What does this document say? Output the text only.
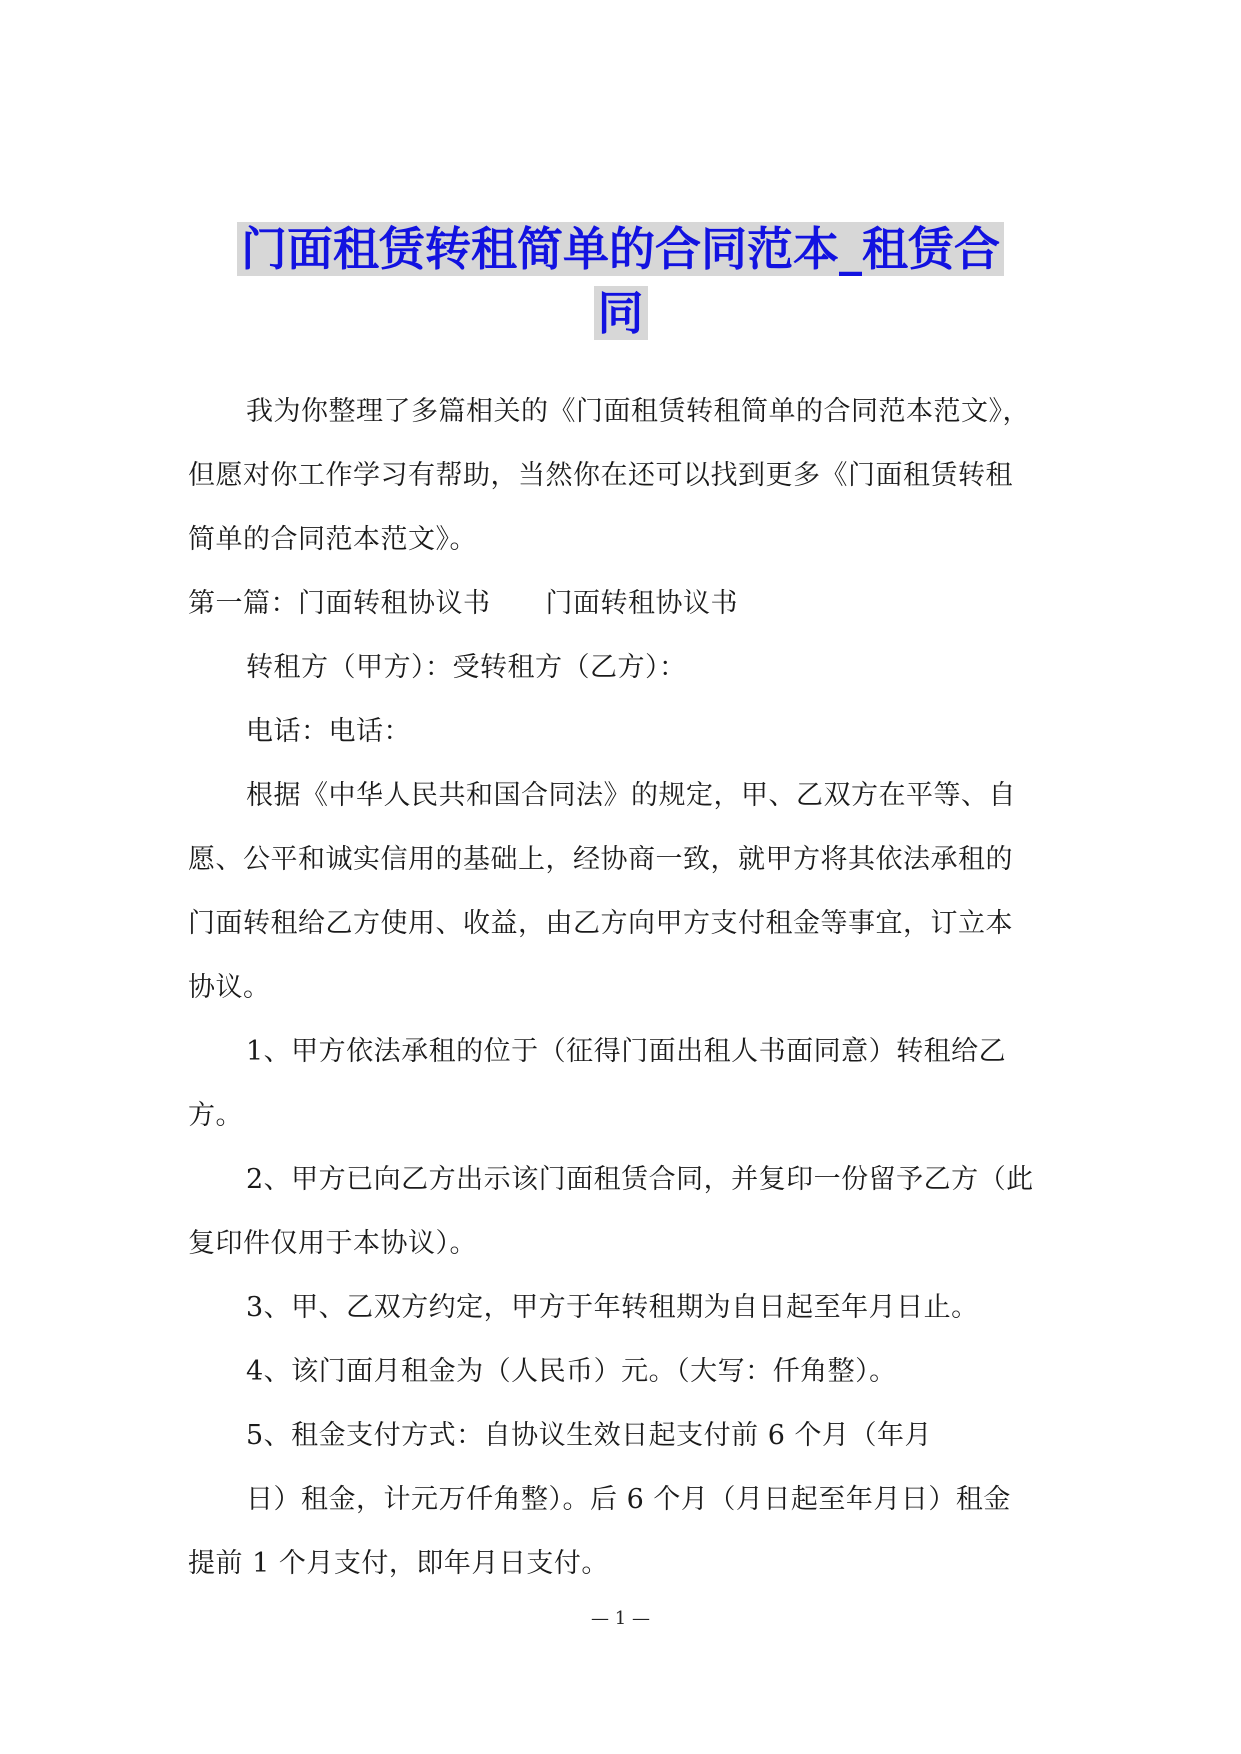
门面租赁转租简单的合同范本_租赁合
同
我为你整理了多篇相关的《门面租赁转租简单的合同范本范文》，
但愿对你工作学习有帮助，当然你在还可以找到更多《门面租赁转租
简单的合同范本范文》。
第一篇：门面转租协议书　　门面转租协议书
转租方（甲方）：受转租方（乙方）：
电话：电话：
根据《中华人民共和国合同法》的规定，甲、乙双方在平等、自
愿、公平和诚实信用的基础上，经协商一致，就甲方将其依法承租的
门面转租给乙方使用、收益，由乙方向甲方支付租金等事宜，订立本
协议。
1、甲方依法承租的位于（征得门面出租人书面同意）转租给乙
方。
2、甲方已向乙方出示该门面租赁合同，并复印一份留予乙方（此
复印件仅用于本协议）。
3、甲、乙双方约定，甲方于年转租期为自日起至年月日止。
4、该门面月租金为（人民币）元。（大写：仟角整）。
5、租金支付方式：自协议生效日起支付前 6 个月（年月
日）租金，计元万仟角整）。后 6 个月（月日起至年月日）租金
提前 1 个月支付，即年月日支付。
— 1 —
